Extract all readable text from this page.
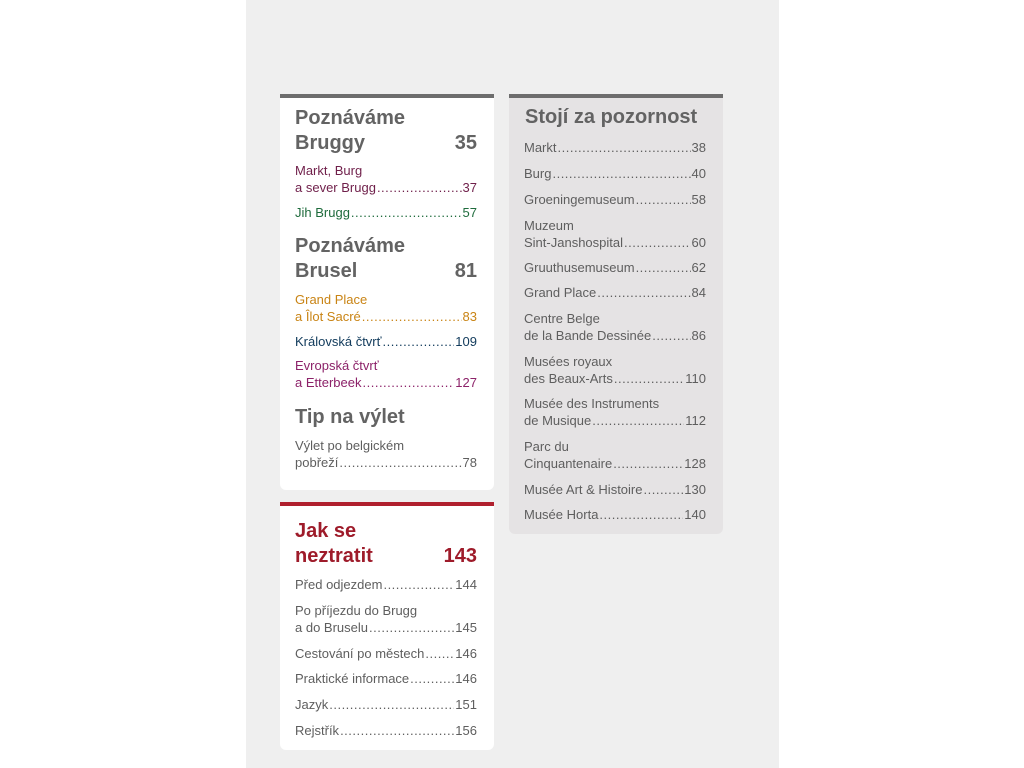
Poznáváme
Bruggy	35
Markt, Burg
a sever Brugg .....	37
Jih Brugg .....	57
Poznáváme
Brusel	81
Grand Place
a Îlot Sacré .....	83
Královská čtvrť .....	109
Evropská čtvrť
a Etterbeek .....	127
Tip na výlet
Výlet po belgickém
pobřeží .....	78
Jak se
neztratit	143
Před odjezdem .....	144
Po příjezdu do Brugg
a do Bruselu .....	145
Cestování po městech ..... 146
Praktické informace .....	146
Jazyk .....	151
Rejstřík .....	156
Stojí za pozornost
Markt .....	38
Burg .....	40
Groeningemuseum .....	58
Muzeum
Sint-Janshospital .....	60
Gruuthusemuseum .....	62
Grand Place .....	84
Centre Belge
de la Bande Dessinée .....	86
Musées royaux
des Beaux-Arts .....	110
Musée des Instruments
de Musique .....	112
Parc du
Cinquantenaire .....	128
Musée Art & Histoire .....	130
Musée Horta .....	140
